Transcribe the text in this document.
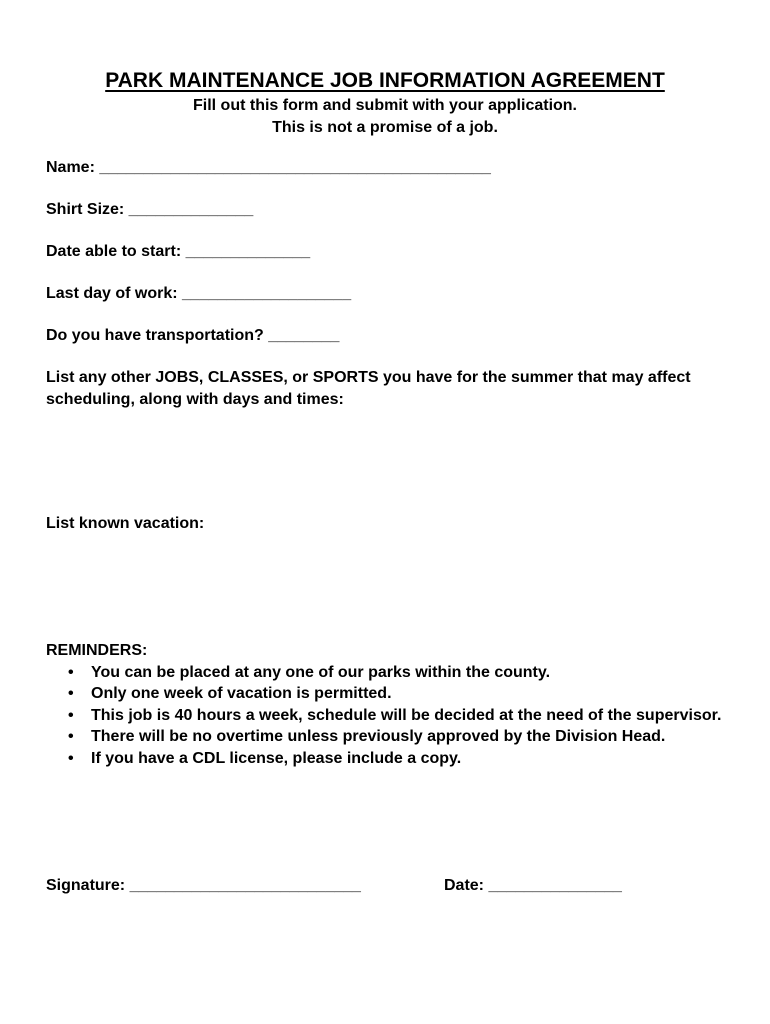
PARK MAINTENANCE JOB INFORMATION AGREEMENT
Fill out this form and submit with your application.
This is not a promise of a job.
Name: ____________________________________________
Shirt Size: ______________
Date able to start: ______________
Last day of work: ___________________
Do you have transportation? ________
List any other JOBS, CLASSES, or SPORTS you have for the summer that may affect scheduling, along with days and times:
List known vacation:
REMINDERS:
• You can be placed at any one of our parks within the county.
• Only one week of vacation is permitted.
• This job is 40 hours a week, schedule will be decided at the need of the supervisor.
• There will be no overtime unless previously approved by the Division Head.
• If you have a CDL license, please include a copy.
Signature: __________________________	Date: _______________
